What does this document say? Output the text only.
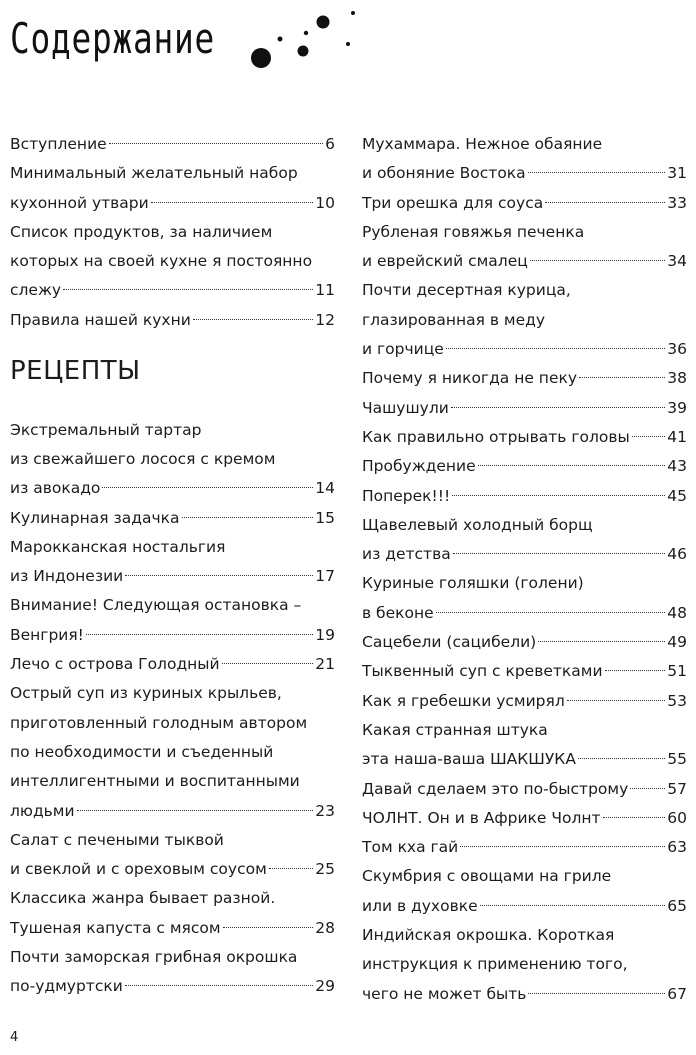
Содержание
Вступление	6
Минимальный желательный набор
кухонной утвари	10
Список продуктов, за наличием
которых на своей кухне я постоянно
слежу	11
Правила нашей кухни	12
РЕЦЕПТЫ
Экстремальный тартар
из свежайшего лосося с кремом
из авокадо	14
Кулинарная задачка	15
Марокканская ностальгия
из Индонезии	17
Внимание! Следующая остановка –
Венгрия!	19
Лечо с острова Голодный	21
Острый суп из куриных крыльев,
приготовленный голодным автором
по необходимости и съеденный
интеллигентными и воспитанными
людьми	23
Салат с печеными тыквой
и свеклой и с ореховым соусом	25
Классика жанра бывает разной.
Тушеная капуста с мясом	28
Почти заморская грибная окрошка
по-удмуртски	29
Мухаммара. Нежное обаяние
и обоняние Востока	31
Три орешка для соуса	33
Рубленая говяжья печенка
и еврейский смалец	34
Почти десертная курица,
глазированная в меду
и горчице	36
Почему я никогда не пеку	38
Чашушули	39
Как правильно отрывать головы 41
Пробуждение	43
Поперек!!!	45
Щавелевый холодный борщ
из детства	46
Куриные голяшки (голени)
в беконе	48
Сацебели (сацибели)	49
Тыквенный суп с креветками	51
Как я гребешки усмирял	53
Какая странная штука
эта наша-ваша ШАКШУКА	55
Давай сделаем это по-быстрому	57
ЧОЛНТ. Он и в Африке Чолнт	60
Том кха гай	63
Скумбрия с овощами на гриле
или в духовке	65
Индийская окрошка. Короткая
инструкция к применению того,
чего не может быть	67
4
